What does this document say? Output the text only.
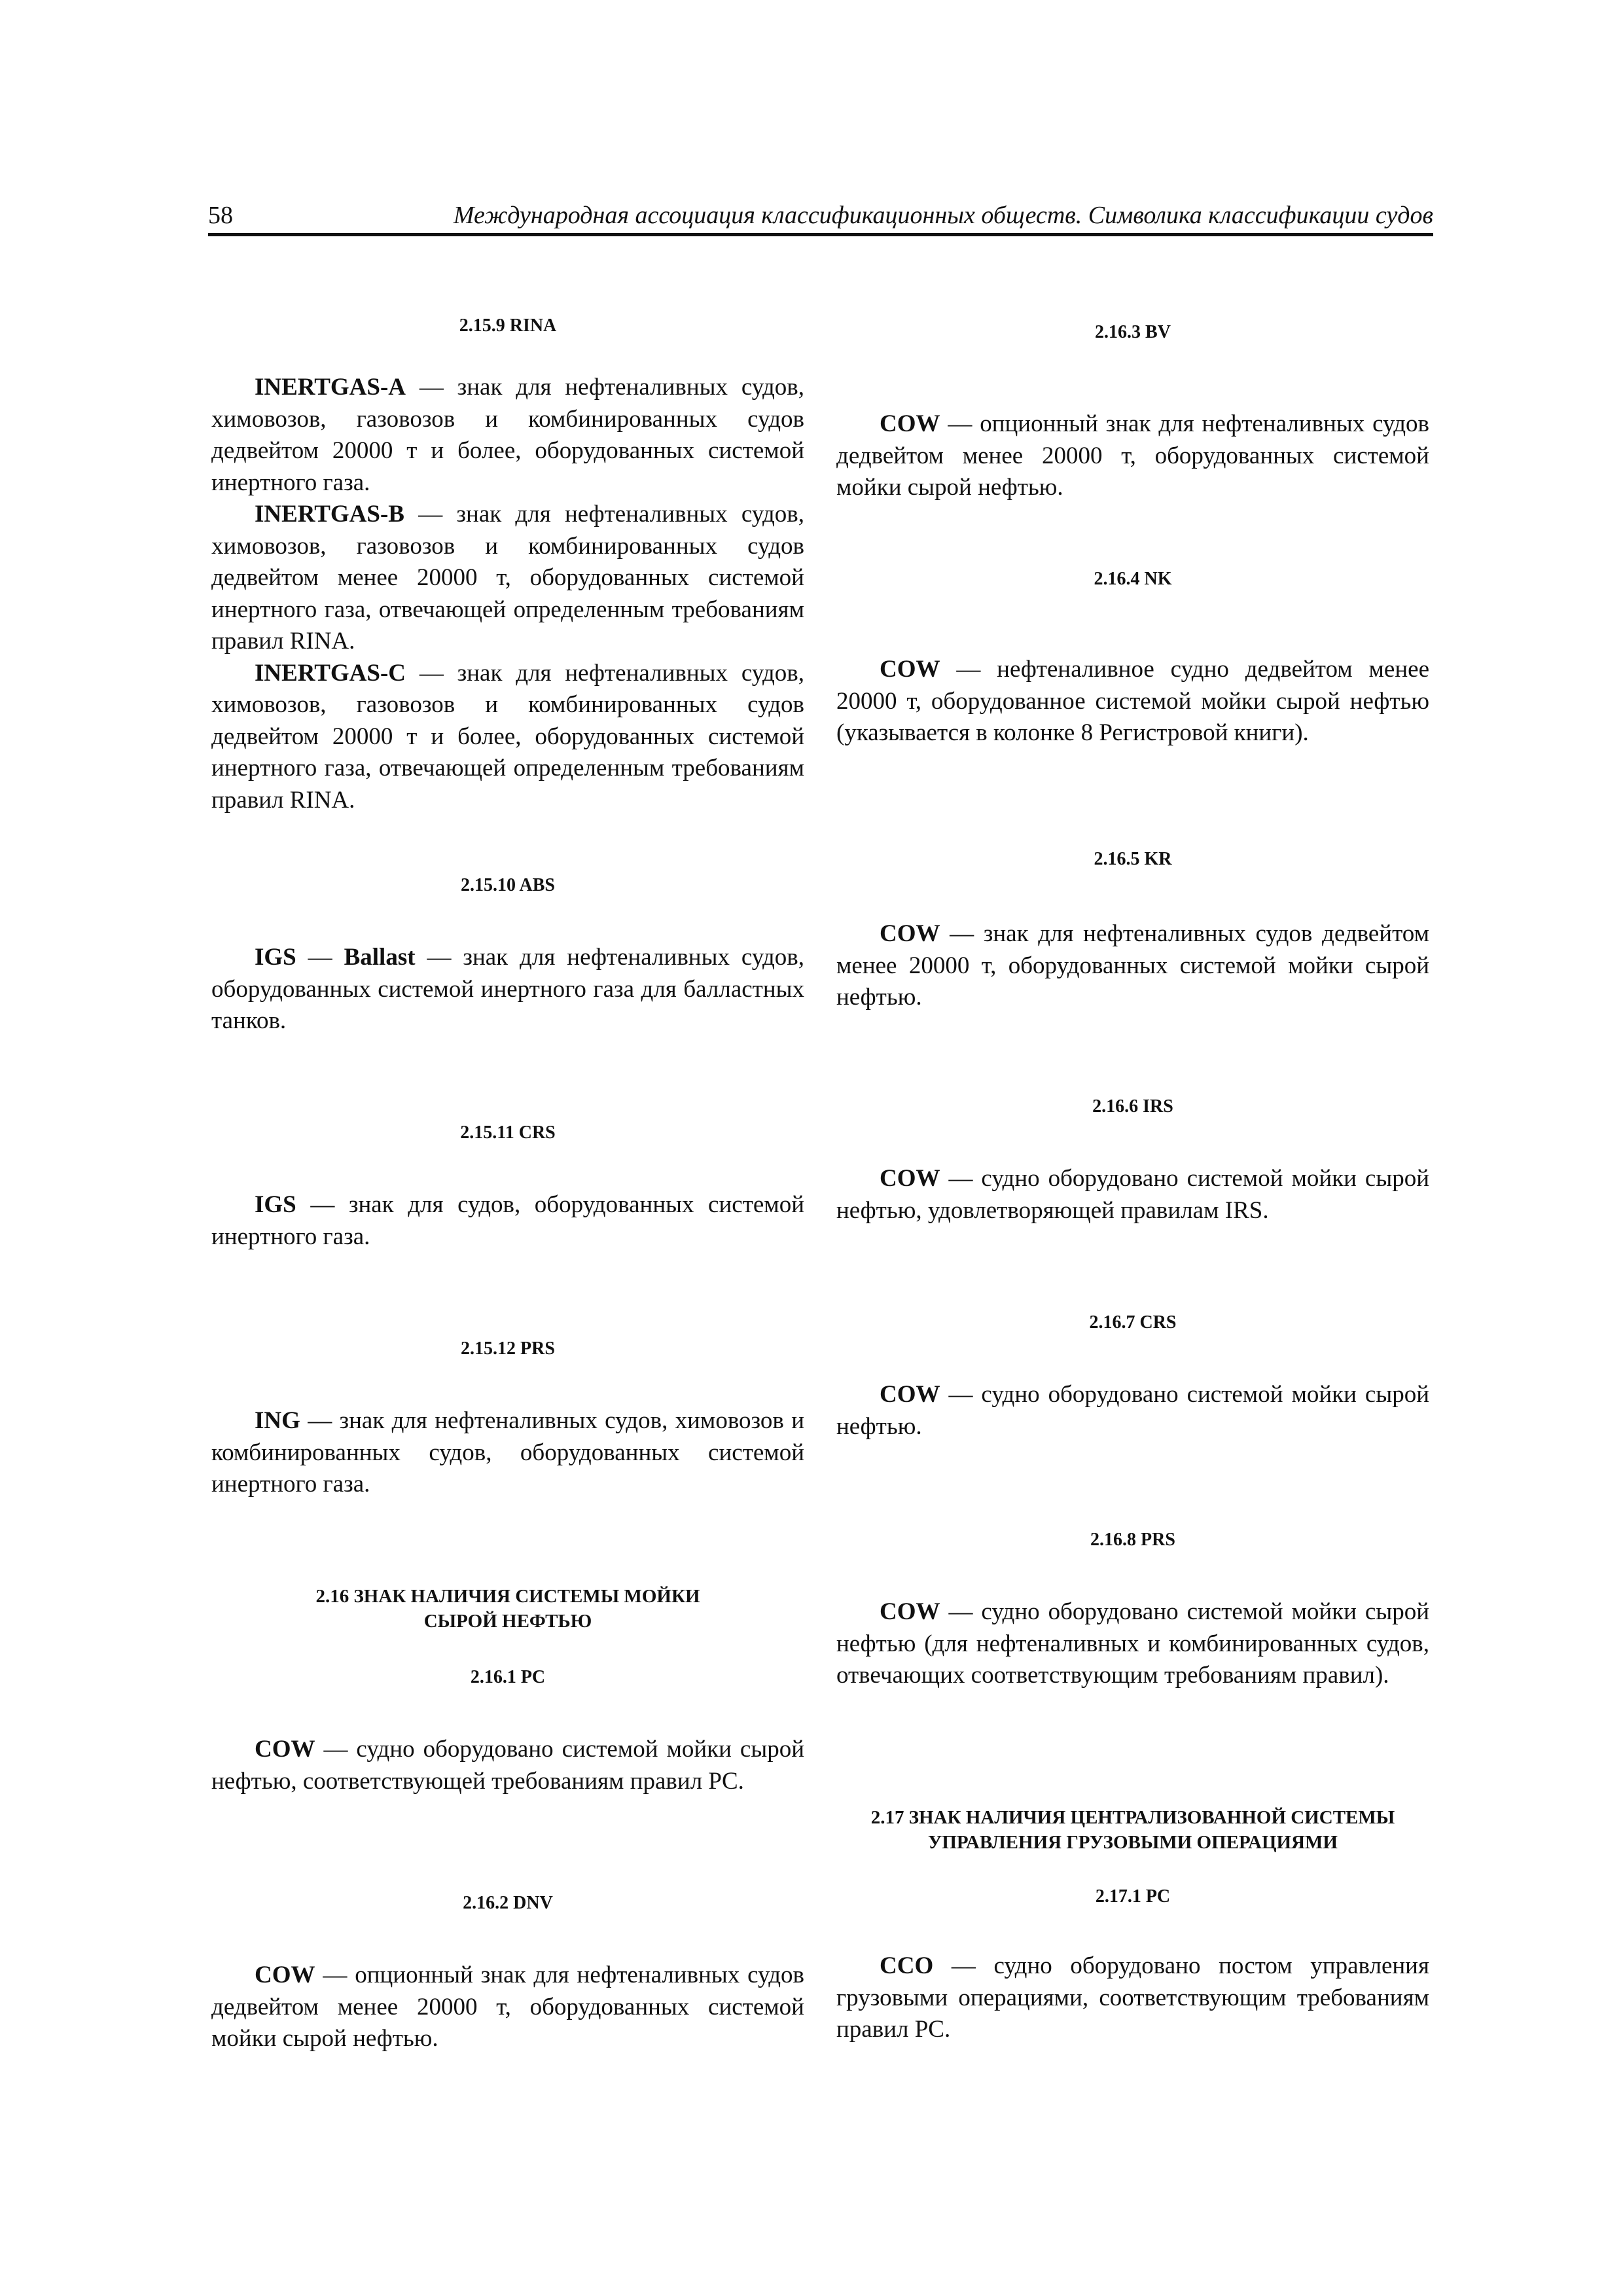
58	Международная ассоциация классификационных обществ. Символика классификации судов
2.15.9 RINA

INERTGAS-A — знак для нефтеналивных судов, химовозов, газовозов и комбинированных судов дедвейтом 20000 т и более, оборудованных системой инертного газа.

INERTGAS-B — знак для нефтеналивных судов, химовозов, газовозов и комбинированных судов дедвейтом менее 20000 т, оборудованных системой инертного газа, отвечающей определенным требованиям правил RINA.

INERTGAS-C — знак для нефтеналивных судов, химовозов, газовозов и комбинированных судов дедвейтом 20000 т и более, оборудованных системой инертного газа, отвечающей определенным требованиям правил RINA.

2.15.10 ABS

IGS — Ballast — знак для нефтеналивных судов, оборудованных системой инертного газа для балластных танков.

2.15.11 CRS

IGS — знак для судов, оборудованных системой инертного газа.

2.15.12 PRS

ING — знак для нефтеналивных судов, химовозов и комбинированных судов, оборудованных системой инертного газа.

2.16 ЗНАК НАЛИЧИЯ СИСТЕМЫ МОЙКИ СЫРОЙ НЕФТЬЮ
2.16.1 PC

COW — судно оборудовано системой мойки сырой нефтью, соответствующей требованиям правил PC.

2.16.2 DNV

COW — опционный знак для нефтеналивных судов дедвейтом менее 20000 т, оборудованных системой мойки сырой нефтью.

2.16.3 BV

COW — опционный знак для нефтеналивных судов дедвейтом менее 20000 т, оборудованных системой мойки сырой нефтью.

2.16.4 NK

COW — нефтеналивное судно дедвейтом менее 20000 т, оборудованное системой мойки сырой нефтью (указывается в колонке 8 Регистровой книги).

2.16.5 KR

COW — знак для нефтеналивных судов дедвейтом менее 20000 т, оборудованных системой мойки сырой нефтью.

2.16.6 IRS

COW — судно оборудовано системой мойки сырой нефтью, удовлетворяющей правилам IRS.

2.16.7 CRS

COW — судно оборудовано системой мойки сырой нефтью.

2.16.8 PRS

COW — судно оборудовано системой мойки сырой нефтью (для нефтеналивных и комбинированных судов, отвечающих соответствующим требованиям правил).

2.17 ЗНАК НАЛИЧИЯ ЦЕНТРАЛИЗОВАННОЙ СИСТЕМЫ УПРАВЛЕНИЯ ГРУЗОВЫМИ ОПЕРАЦИЯМИ
2.17.1 PC

CCO — судно оборудовано постом управления грузовыми операциями, соответствующим требованиям правил PC.
